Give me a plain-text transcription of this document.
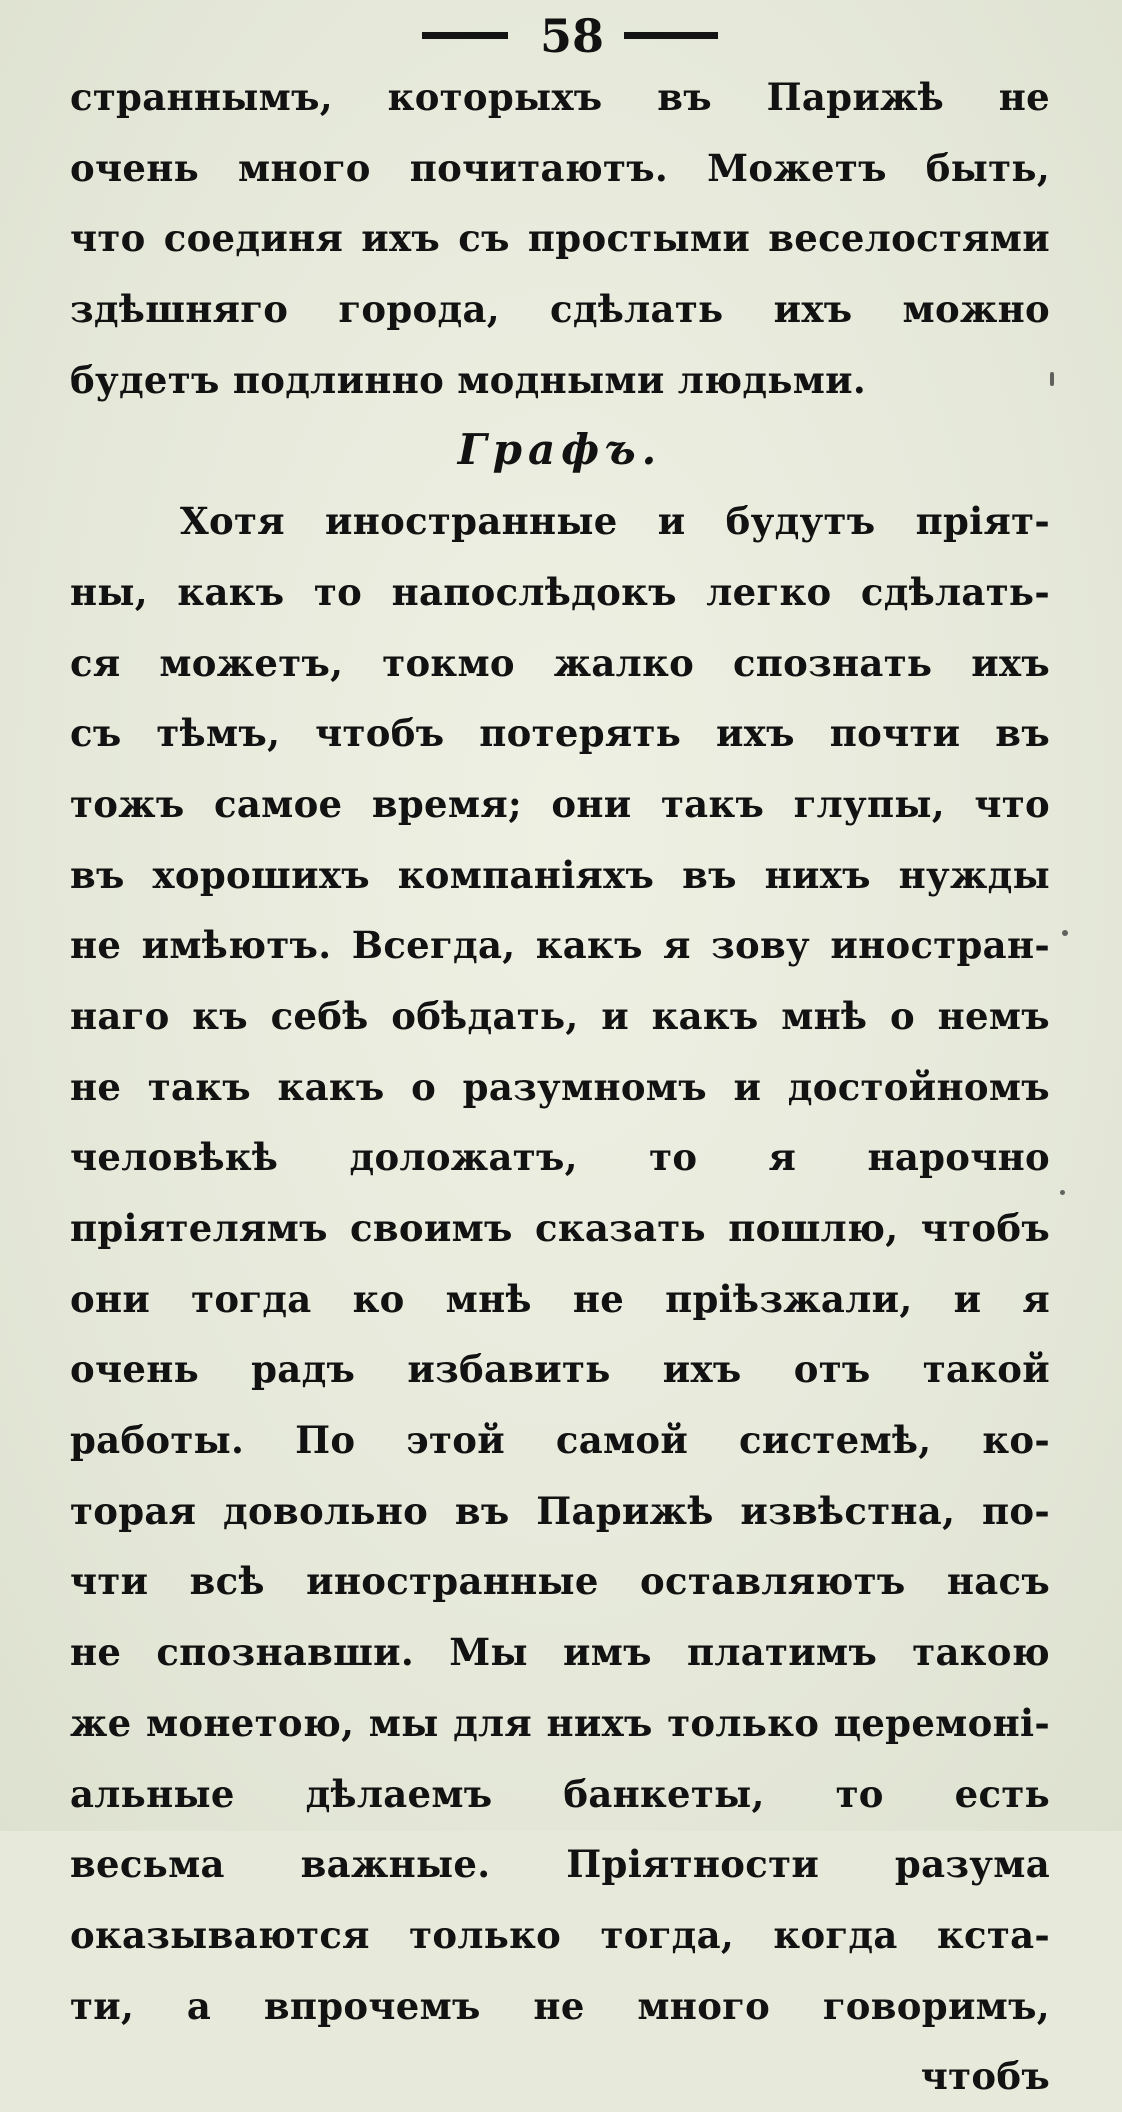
58
страннымъ, которыхъ въ Парижѣ не
очень много почитаютъ. Можетъ быть,
что соединя ихъ съ простыми веселостями
здѣшняго города, сдѣлать ихъ можно
будетъ подлинно модными людьми.
Графъ.
Хотя иностранные и будутъ пріят-
ны, какъ то напослѣдокъ легко сдѣлать-
ся можетъ, токмо жалко спознать ихъ
съ тѣмъ, чтобъ потерять ихъ почти въ
тожъ самое время; они такъ глупы, что
въ хорошихъ компаніяхъ въ нихъ нужды
не имѣютъ. Всегда, какъ я зову иностран-
наго къ себѣ обѣдать, и какъ мнѣ о немъ
не такъ какъ о разумномъ и достойномъ
человѣкѣ доложатъ, то я нарочно
пріятелямъ своимъ сказать пошлю, чтобъ
они тогда ко мнѣ не пріѣзжали, и я
очень радъ избавить ихъ отъ такой
работы. По этой самой системѣ, ко-
торая довольно въ Парижѣ извѣстна, по-
чти всѣ иностранные оставляютъ насъ
не спознавши. Мы имъ платимъ такою
же монетою, мы для нихъ только церемоні-
альные дѣлаемъ банкеты, то есть
весьма важные. Пріятности разума
оказываются только тогда, когда кста-
ти, а впрочемъ не много говоримъ,
чтобъ
